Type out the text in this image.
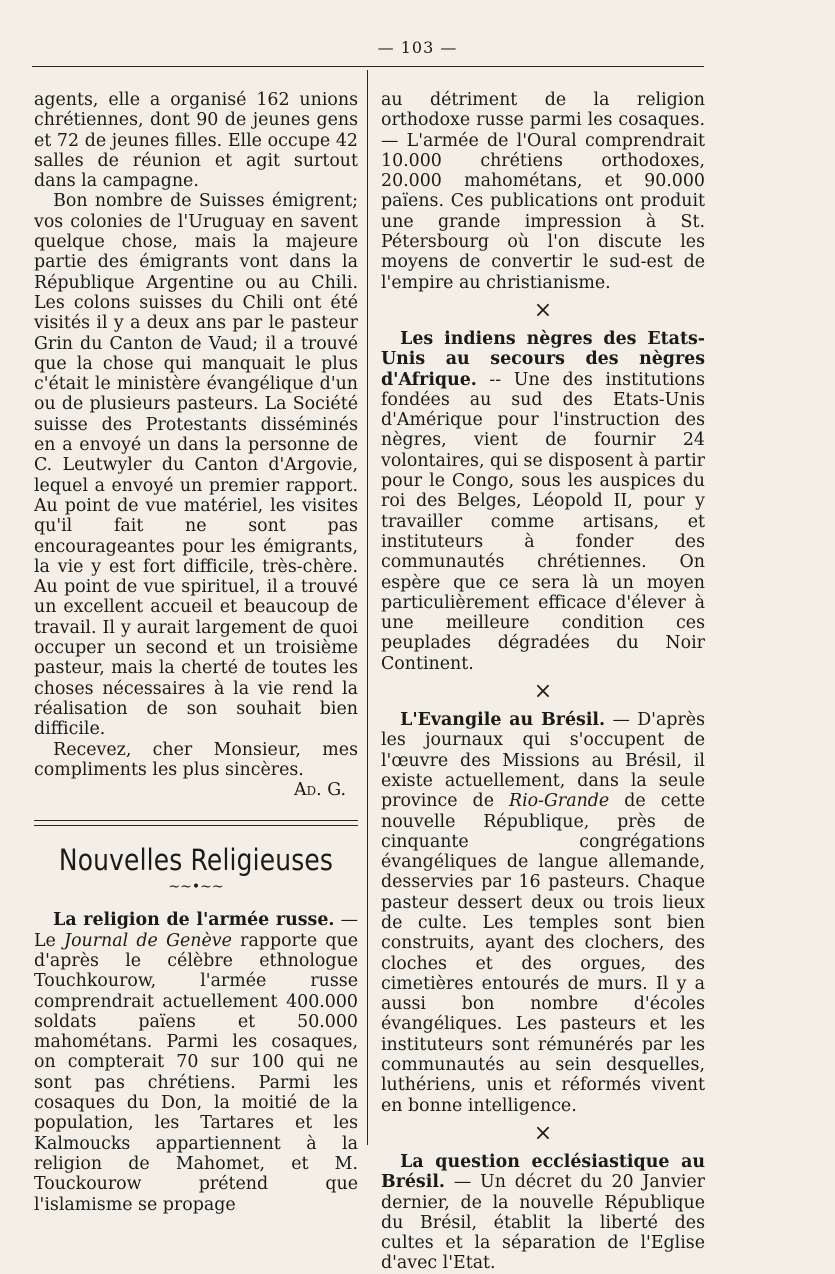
— 103 —

agents, elle a organisé 162 unions chrétiennes, dont 90 de jeunes gens et 72 de jeunes filles. Elle occupe 42 salles de réunion et agit surtout dans la campagne.

Bon nombre de Suisses émigrent; vos colonies de l'Uruguay en savent quelque chose, mais la majeure partie des émigrants vont dans la République Argentine ou au Chili. Les colons suisses du Chili ont été visités il y a deux ans par le pasteur Grin du Canton de Vaud; il a trouvé que la chose qui manquait le plus c'était le ministère évangélique d'un ou de plusieurs pasteurs. La Société suisse des Protestants disséminés en a envoyé un dans la personne de C. Leutwyler du Canton d'Argovie, lequel a envoyé un premier rapport. Au point de vue matériel, les visites qu'il fait ne sont pas encourageantes pour les émigrants, la vie y est fort difficile, très-chère. Au point de vue spirituel, il a trouvé un excellent accueil et beaucoup de travail. Il y aurait largement de quoi occuper un second et un troisième pasteur, mais la cherté de toutes les choses nécessaires à la vie rend la réalisation de son souhait bien difficile.

Recevez, cher Monsieur, mes compliments les plus sincères.

Ad. G.

Nouvelles Religieuses
~~•~~

La religion de l'armée russe. — Le Journal de Genève rapporte que d'après le célèbre ethnologue Touchkourow, l'armée russe comprendrait actuellement 400.000 soldats païens et 50.000 mahométans. Parmi les cosaques, on compterait 70 sur 100 qui ne sont pas chrétiens. Parmi les cosaques du Don, la moitié de la population, les Tartares et les Kalmoucks appartiennent à la religion de Mahomet, et M. Touckourow prétend que l'islamisme se propage

au détriment de la religion orthodoxe russe parmi les cosaques. — L'armée de l'Oural comprendrait 10.000 chrétiens orthodoxes, 20.000 mahométans, et 90.000 païens. Ces publications ont produit une grande impression à St. Pétersbourg où l'on discute les moyens de convertir le sud-est de l'empire au christianisme.

×

Les indiens nègres des Etats-Unis au secours des nègres d'Afrique. -- Une des institutions fondées au sud des Etats-Unis d'Amérique pour l'instruction des nègres, vient de fournir 24 volontaires, qui se disposent à partir pour le Congo, sous les auspices du roi des Belges, Léopold II, pour y travailler comme artisans, et instituteurs à fonder des communautés chrétiennes. On espère que ce sera là un moyen particulièrement efficace d'élever à une meilleure condition ces peuplades dégradées du Noir Continent.

×

L'Evangile au Brésil. — D'après les journaux qui s'occupent de l'œuvre des Missions au Brésil, il existe actuellement, dans la seule province de Rio-Grande de cette nouvelle République, près de cinquante congrégations évangéliques de langue allemande, desservies par 16 pasteurs. Chaque pasteur dessert deux ou trois lieux de culte. Les temples sont bien construits, ayant des clochers, des cloches et des orgues, des cimetières entourés de murs. Il y a aussi bon nombre d'écoles évangéliques. Les pasteurs et les instituteurs sont rémunérés par les communautés au sein desquelles, luthériens, unis et réformés vivent en bonne intelligence.

×

La question ecclésiastique au Brésil. — Un décret du 20 Janvier dernier, de la nouvelle République du Brésil, établit la liberté des cultes et la séparation de l'Eglise d'avec l'Etat.
